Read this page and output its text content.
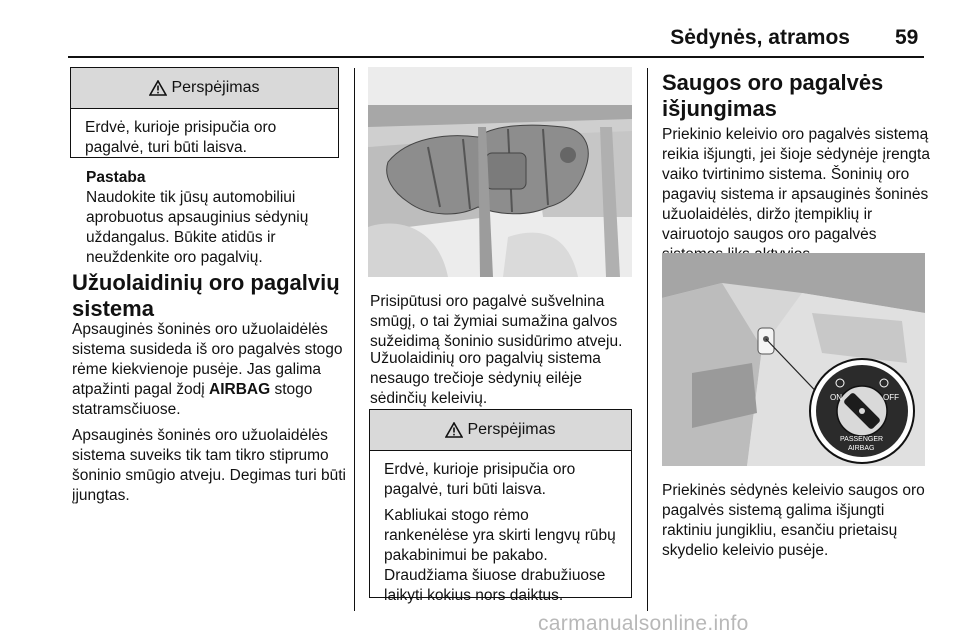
Sėdynės, atramos 59
Perspėjimas

Erdvė, kurioje prisipučia oro pagalvė, turi būti laisva.

Pastaba

Naudokite tik jūsų automobiliui aprobuotus apsauginius sėdynių uždangalus. Būkite atidūs ir neuždenkite oro pagalvių.

Užuolaidinių oro pagalvių sistema

Apsauginės šoninės oro užuolaidėlės sistema susideda iš oro pagalvės stogo rėme kiekvienoje pusėje. Jas galima atpažinti pagal žodį AIRBAG stogo statramsčiuose.

Apsauginės šoninės oro užuolaidėlės sistema suveiks tik tam tikro stiprumo šoninio smūgio atveju. Degimas turi būti įjungtas.

Prisipūtusi oro pagalvė sušvelnina smūgį, o tai žymiai sumažina galvos sužeidimą šoninio susidūrimo atveju.
Užuolaidinių oro pagalvių sistema nesaugo trečioje sėdynių eilėje sėdinčių keleivių.
Perspėjimas

Erdvė, kurioje prisipučia oro pagalvė, turi būti laisva.

Kabliukai stogo rėmo rankenėlėse yra skirti lengvų rūbų pakabinimui be pakabo. Draudžiama šiuose drabužiuose laikyti kokius nors daiktus.

Saugos oro pagalvės išjungimas
Priekinio keleivio oro pagalvės sistemą reikia išjungti, jei šioje sėdynėje įrengta vaiko tvirtinimo sistema. Šoninių oro pagavių sistema ir apsauginės šoninės užuolaidėlės, diržo įtempiklių ir vairuotojo saugos oro pagalvės
ON	OFF
PASSENGER
AIRBAG
Priekinės sėdynės keleivio saugos oro pagalvės sistemą galima išjungti raktiniu jungikliu, esančiu prietaisų skydelio keleivio pusėje.
carmanualsonline.info
